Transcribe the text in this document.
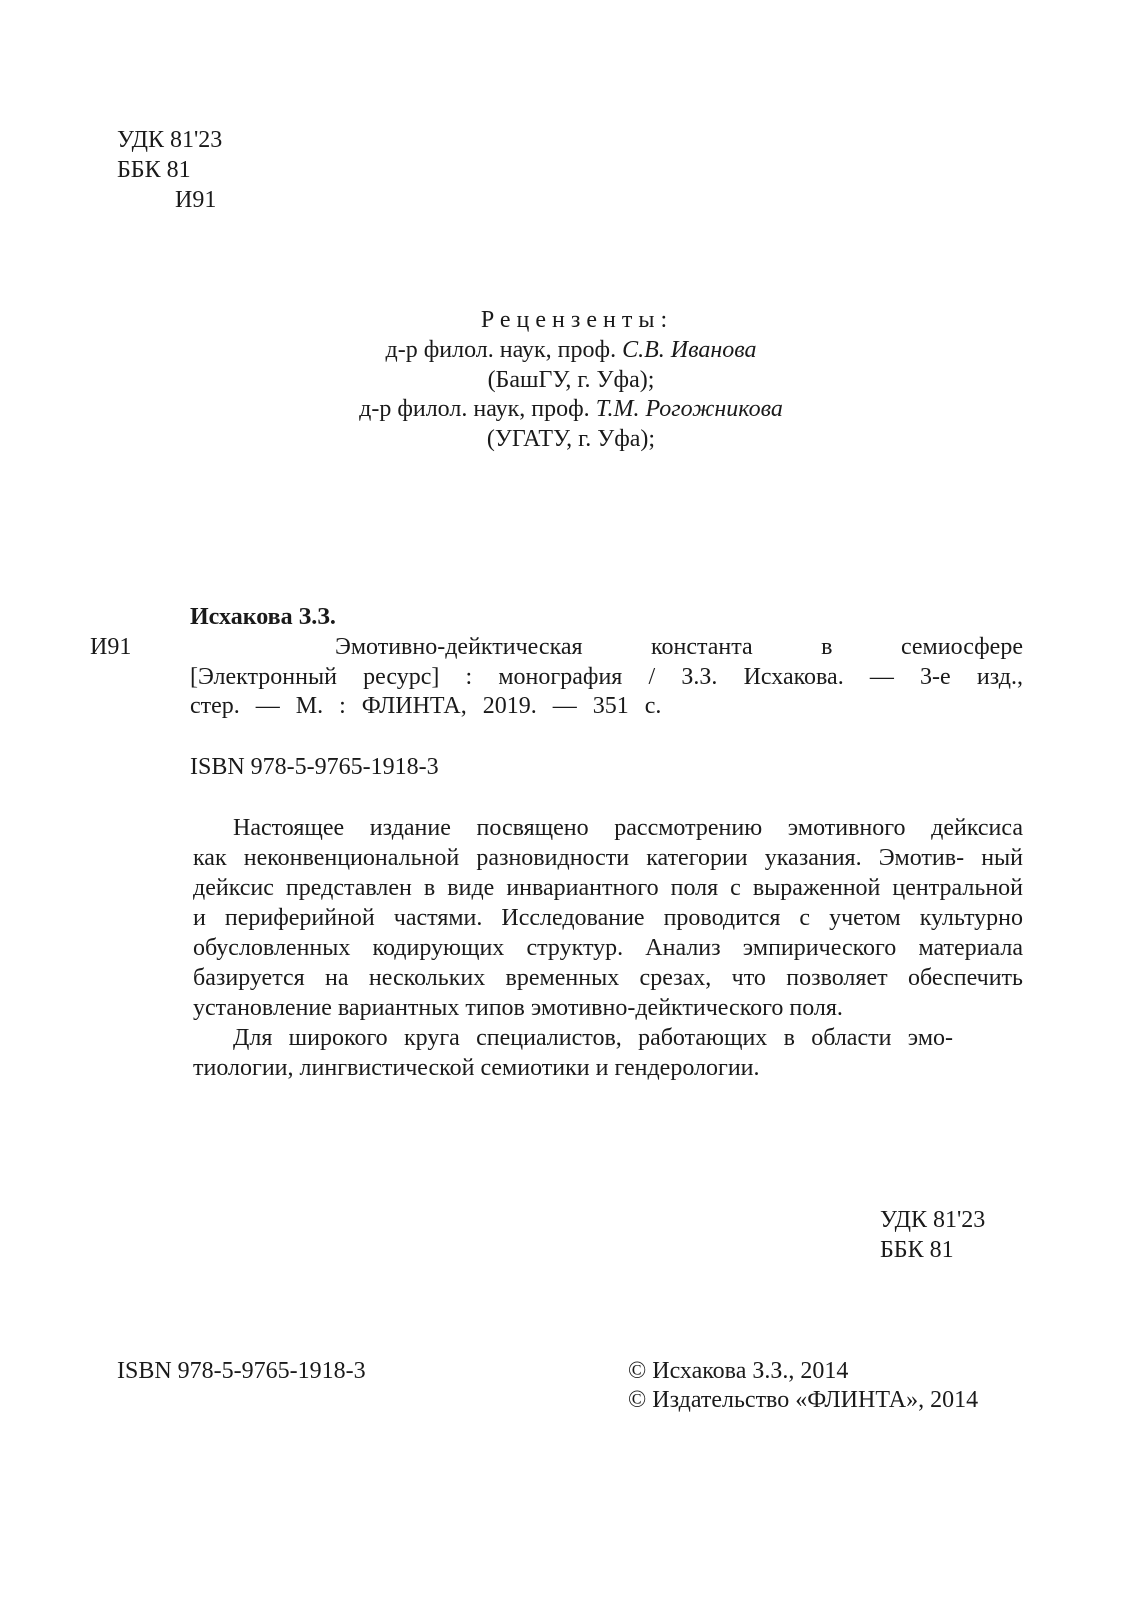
УДК 81'23
ББК 81
И91
Рецензенты:
д-р филол. наук, проф. С.В. Иванова
(БашГУ, г. Уфа);
д-р филол. наук, проф. Т.М. Рогожникова
(УГАТУ, г. Уфа);
Исхакова З.З.
И91	Эмотивно-дейктическая константа в семиосфере
[Электронный ресурс] : монография / З.З. Исхакова. — 3-е изд.,
стер. — М. : ФЛИНТА, 2019. — 351 с.
ISBN 978-5-9765-1918-3
Настоящее издание посвящено рассмотрению эмотивного дейксиса
как неконвенциональной разновидности категории указания. Эмотив- ный
дейксис представлен в виде инвариантного поля с выраженной центральной
и периферийной частями. Исследование проводится с учетом культурно
обусловленных кодирующих структур. Анализ эмпирического материала
базируется на нескольких временных срезах, что позволяет обеспечить
установление вариантных типов эмотивно-дейктического поля.
Для широкого круга специалистов, работающих в области эмо-
тиологии, лингвистической семиотики и гендерологии.
УДК 81'23
ББК 81
ISBN 978-5-9765-1918-3	© Исхакова З.З., 2014
© Издательство «ФЛИНТА», 2014
